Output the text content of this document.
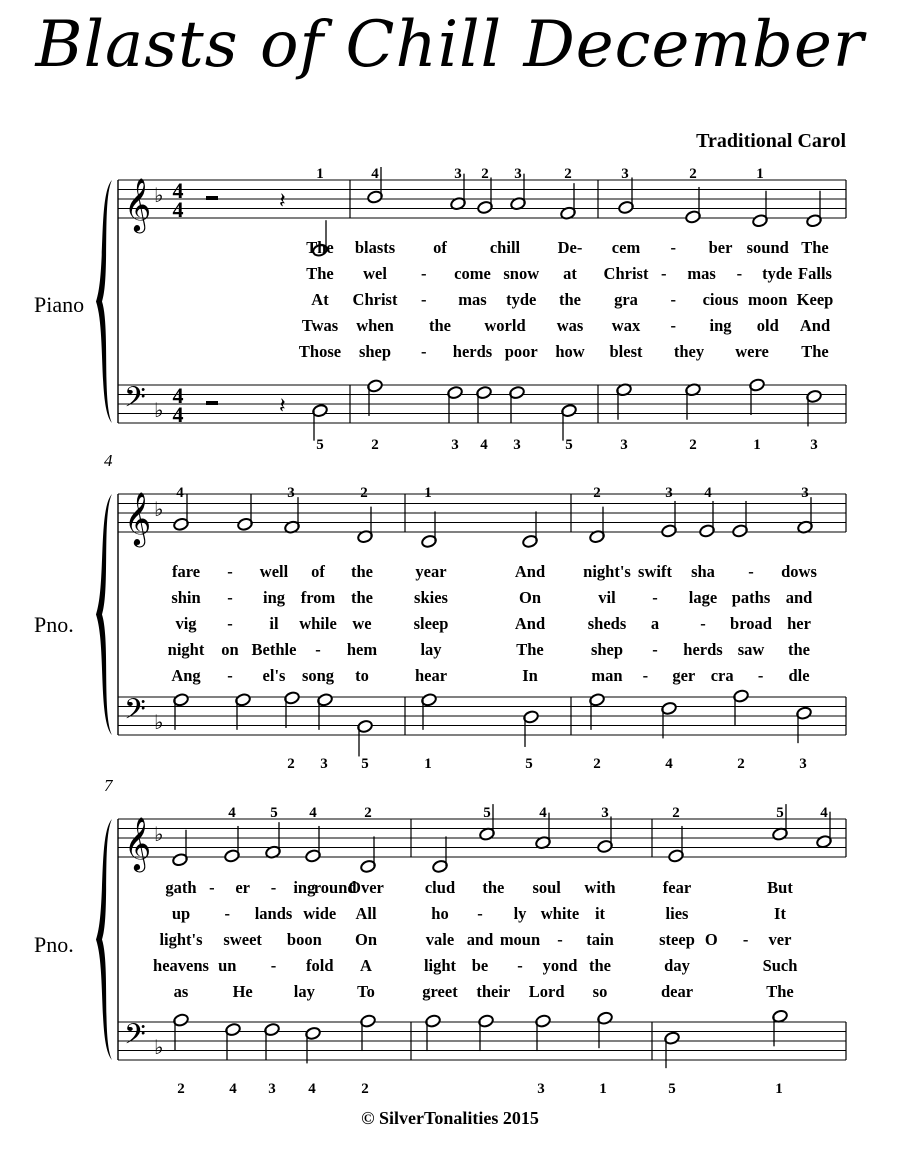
Blasts of Chill December
Traditional Carol
© SilverTonalities 2015
𝄞
𝄢
♭
♭
4
4
4
4
𝄽
𝄽
Piano
1	4	3 2 3	2	3	2	1
5	2	3 4 3	5	3	2	1	3
The blasts of	chill De- cem - ber sound The
The wel - come snow at Christ - mas - tyde Falls
At Christ - mas tyde the gra - cious moon Keep
Twas when the world was wax - ing old And
Those shep - herds poor how blest they were The
𝄞
𝄢
♭
♭
Pno.
4
4	3	2	1	2	3 4	3
2 3 5	1	5	2	4	2	3
fare - well of the	year	And night's swift sha - dows
shin - ing from the skies	On	vil - lage paths and
vig - il while we	sleep	And	sheds a - broad her
night on Bethle - hem	lay	The	shep - herds saw the
Ang - el's song to	hear	In	man - ger cra - dle
𝄞
𝄢
♭
♭
Pno.
7
4 5 4	2	5	4	3	2	5 4
2	4 3 4	2	3	1	5	1
gath - er - ing
round
Over clud the soul with	fear	But
up - lands wide All	ho - ly white it	lies	It
light's sweet boon On	vale and moun - tain	steep O - ver
heavens un - fold A	light be - yond the	day	Such
as	He lay	To	greet their Lord so	dear	The
